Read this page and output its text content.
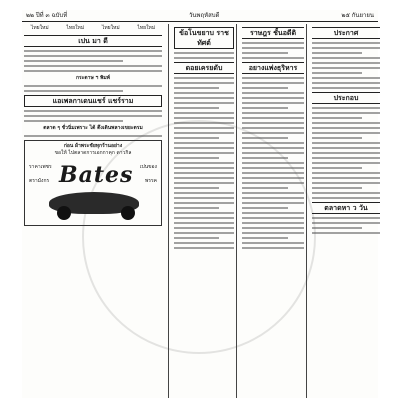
๒๒ ปีที่ ๓ ฉบับที่	วันพฤหัสบดี	๒๕ กันยายน
ไทยใหม่	ไทยใหม่	ไทยใหม่	ไทยใหม่
เปน มา ดี
กระดาษ ฯ พิมพ์
แอเพลกาเดนแชร์ แชร์ราม
ตลาด ๆ ชั่วนิ่มเพราะ ได้ ตึงเดินพลางเขยะตรม
ก่อน ผ้าพระชัยทุกร้านอย่าง
ขอให้ ไปตลาดการเอกกาคุก ดาวกิล
Bates
ราคาเพชร
ตรามังกร
เปนของ
พรรค
ข้อโนขยาบ ราชทัศต์
ดอยเครยดับ
ราษฎร ชั้นอดีติ
อยางแพ่งธุริหาร
ประกาศ
ประกอบ
ตลาดหา ว วัน
